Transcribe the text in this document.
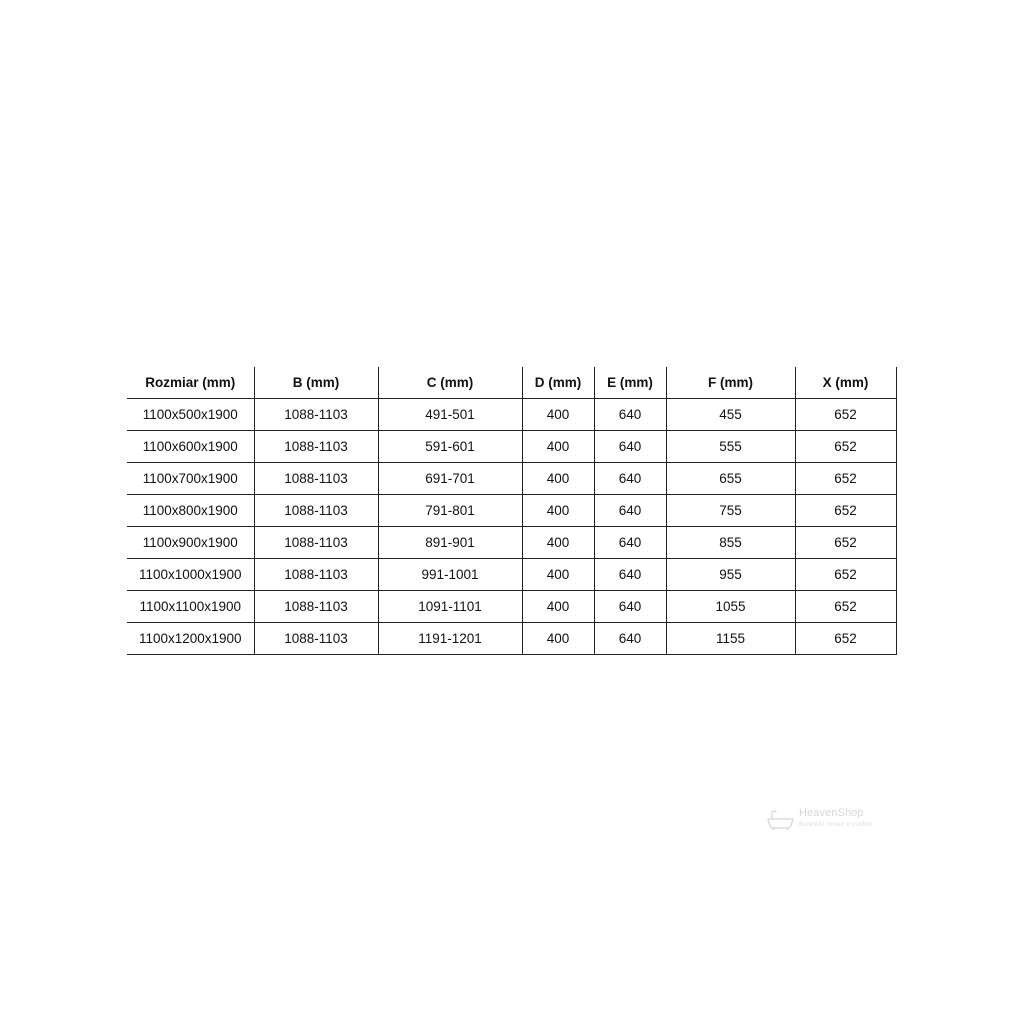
Rozmiar (mm)	B (mm)	C (mm)	D (mm)	E (mm)	F (mm)	X (mm)
1100x500x1900	1088-1103	491-501	400	640	455	652
1100x600x1900	1088-1103	591-601	400	640	555	652
1100x700x1900	1088-1103	691-701	400	640	655	652
1100x800x1900	1088-1103	791-801	400	640	755	652
1100x900x1900	1088-1103	891-901	400	640	855	652
1100x1000x1900	1088-1103	991-1001	400	640	955	652
1100x1100x1900	1088-1103	1091-1101	400	640	1055	652
1100x1200x1900	1088-1103	1191-1201	400	640	1155	652
HeavenShop
łazienki nowe u ciebie
